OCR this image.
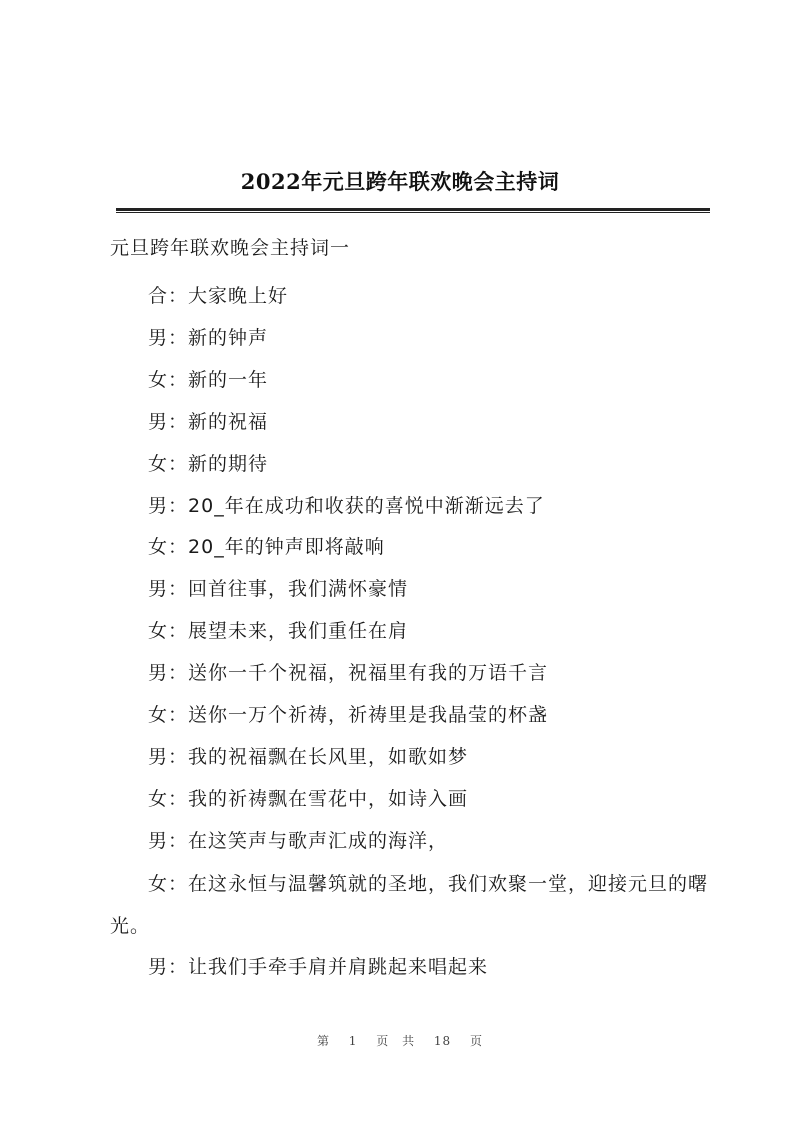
2022年元旦跨年联欢晚会主持词
元旦跨年联欢晚会主持词一
合 ： 大家晚上好
男 ： 新的钟声
女 ： 新的一年
男 ： 新的祝福
女 ： 新的期待
男 ： 20_年在成功和收获的喜悦中渐渐远去了
女 ： 20_年的钟声即将敲响
男 ： 回首往事，我们满怀豪情
女 ： 展望未来，我们重任在肩
男 ： 送你一千个祝福，祝福里有我的万语千言
女 ： 送你一万个祈祷，祈祷里是我晶莹的杯盏
男 ： 我的祝福飘在长风里，如歌如梦
女 ： 我的祈祷飘在雪花中，如诗入画
男 ： 在这笑声与歌声汇成的海洋，
女 ： 在这永恒与温馨筑就的圣地，我们欢聚一堂，迎接元旦的曙光。
男 ： 让我们手牵手肩并肩跳起来唱起来
第 1 页 共 18 页
